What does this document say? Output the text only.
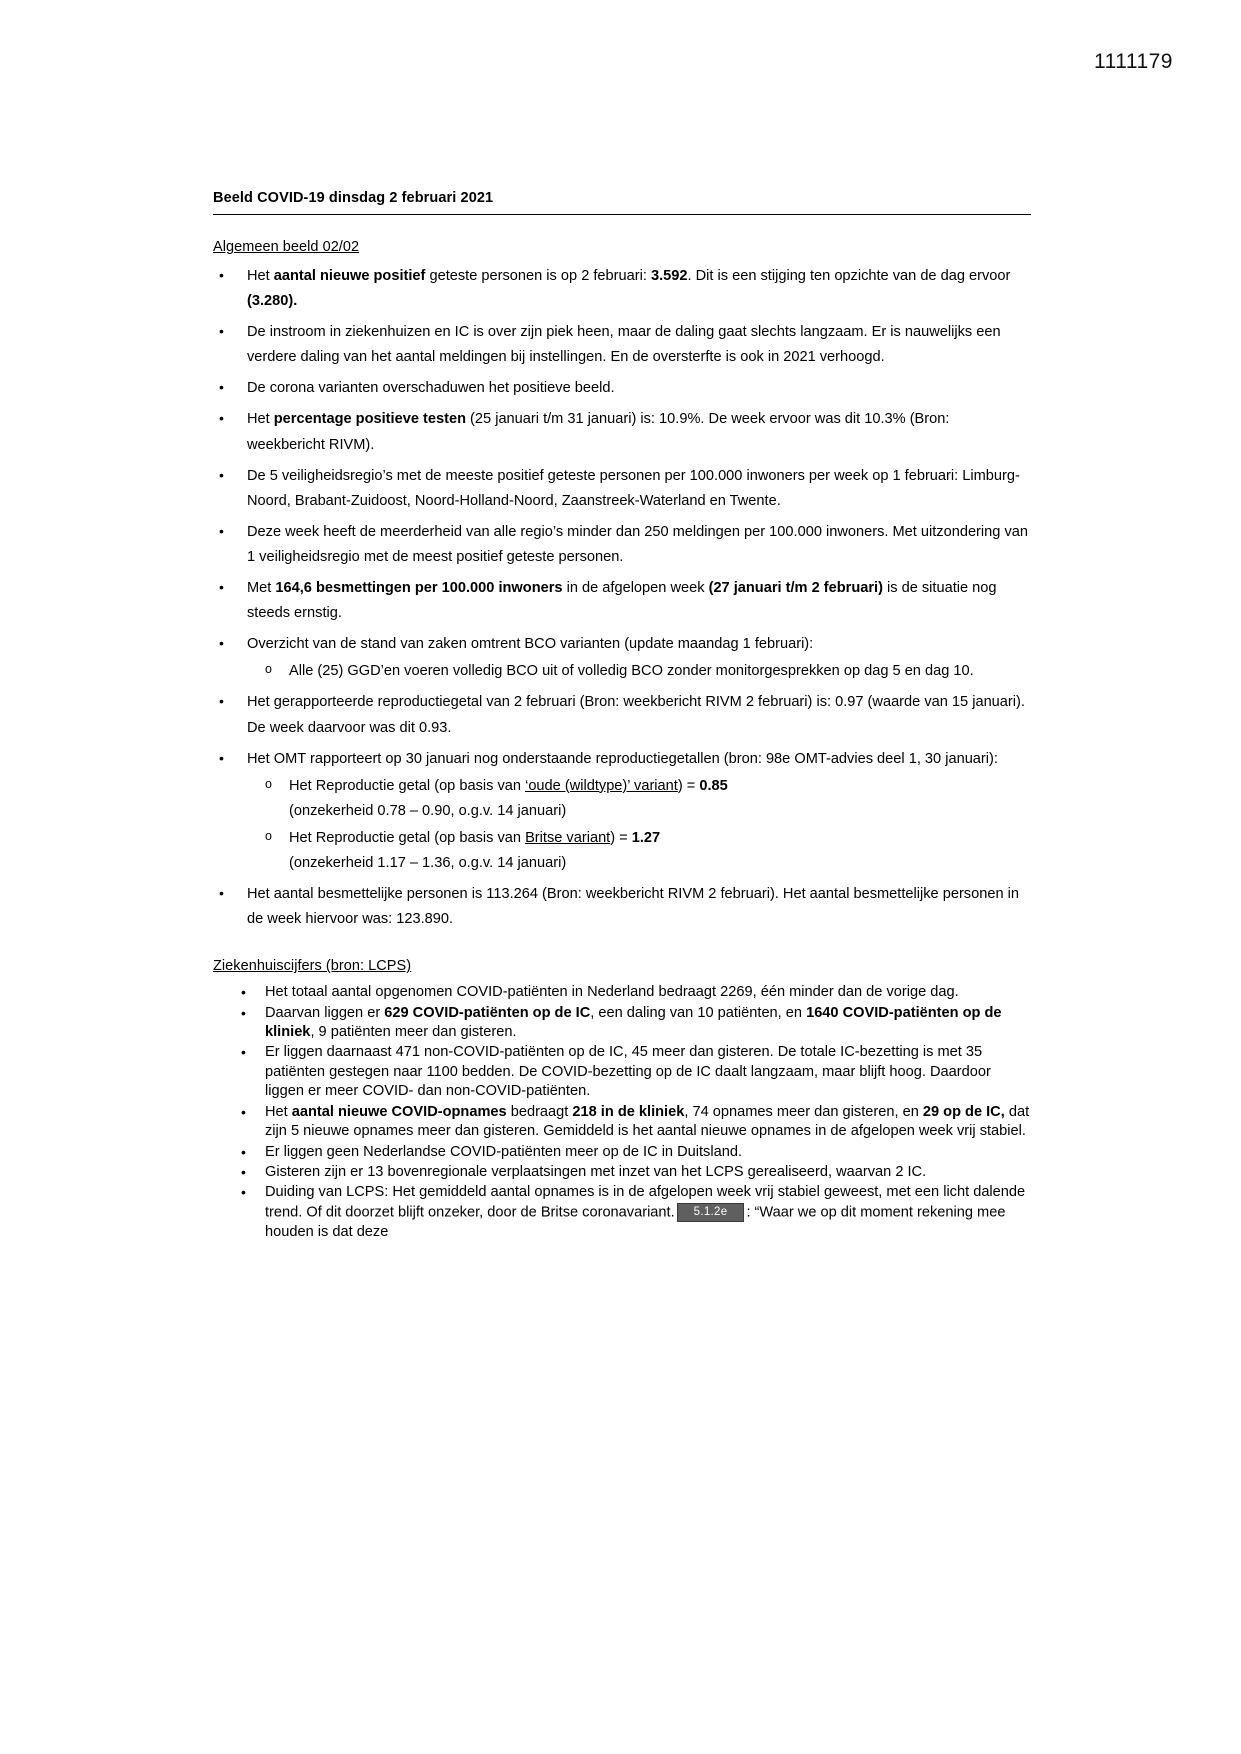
1111179
Beeld COVID-19 dinsdag 2 februari 2021
Algemeen beeld 02/02
• Het aantal nieuwe positief geteste personen is op 2 februari: 3.592. Dit is een stijging ten opzichte van de dag ervoor (3.280).
• De instroom in ziekenhuizen en IC is over zijn piek heen, maar de daling gaat slechts langzaam. Er is nauwelijks een verdere daling van het aantal meldingen bij instellingen. En de oversterfte is ook in 2021 verhoogd.
• De corona varianten overschaduwen het positieve beeld.
• Het percentage positieve testen (25 januari t/m 31 januari) is: 10.9%. De week ervoor was dit 10.3% (Bron: weekbericht RIVM).
• De 5 veiligheidsregio’s met de meeste positief geteste personen per 100.000 inwoners per week op 1 februari: Limburg-Noord, Brabant-Zuidoost, Noord-Holland-Noord, Zaanstreek-Waterland en Twente.
• Deze week heeft de meerderheid van alle regio’s minder dan 250 meldingen per 100.000 inwoners. Met uitzondering van 1 veiligheidsregio met de meest positief geteste personen.
• Met 164,6 besmettingen per 100.000 inwoners in de afgelopen week (27 januari t/m 2 februari) is de situatie nog steeds ernstig.
• Overzicht van de stand van zaken omtrent BCO varianten (update maandag 1 februari):
o Alle (25) GGD’en voeren volledig BCO uit of volledig BCO zonder monitorgesprekken op dag 5 en dag 10.
• Het gerapporteerde reproductiegetal van 2 februari (Bron: weekbericht RIVM 2 februari) is: 0.97 (waarde van 15 januari). De week daarvoor was dit 0.93.
• Het OMT rapporteert op 30 januari nog onderstaande reproductiegetallen (bron: 98e OMT-advies deel 1, 30 januari):
o Het Reproductie getal (op basis van ‘oude (wildtype)’ variant) = 0.85
(onzekerheid 0.78 – 0.90, o.g.v. 14 januari)
o Het Reproductie getal (op basis van Britse variant) = 1.27
(onzekerheid 1.17 – 1.36, o.g.v. 14 januari)
• Het aantal besmettelijke personen is 113.264 (Bron: weekbericht RIVM 2 februari). Het aantal besmettelijke personen in de week hiervoor was: 123.890.
Ziekenhuiscijfers (bron: LCPS)
• Het totaal aantal opgenomen COVID-patiënten in Nederland bedraagt 2269, één minder dan de vorige dag.
• Daarvan liggen er 629 COVID-patiënten op de IC, een daling van 10 patiënten, en 1640 COVID-patiënten op de kliniek, 9 patiënten meer dan gisteren.
• Er liggen daarnaast 471 non-COVID-patiënten op de IC, 45 meer dan gisteren. De totale IC-bezetting is met 35 patiënten gestegen naar 1100 bedden. De COVID-bezetting op de IC daalt langzaam, maar blijft hoog. Daardoor liggen er meer COVID- dan non-COVID-patiënten.
• Het aantal nieuwe COVID-opnames bedraagt 218 in de kliniek, 74 opnames meer dan gisteren, en 29 op de IC, dat zijn 5 nieuwe opnames meer dan gisteren. Gemiddeld is het aantal nieuwe opnames in de afgelopen week vrij stabiel.
• Er liggen geen Nederlandse COVID-patiënten meer op de IC in Duitsland.
• Gisteren zijn er 13 bovenregionale verplaatsingen met inzet van het LCPS gerealiseerd, waarvan 2 IC.
• Duiding van LCPS: Het gemiddeld aantal opnames is in de afgelopen week vrij stabiel geweest, met een licht dalende trend. Of dit doorzet blijft onzeker, door de Britse coronavariant. 5.1.2e : “Waar we op dit moment rekening mee houden is dat deze
